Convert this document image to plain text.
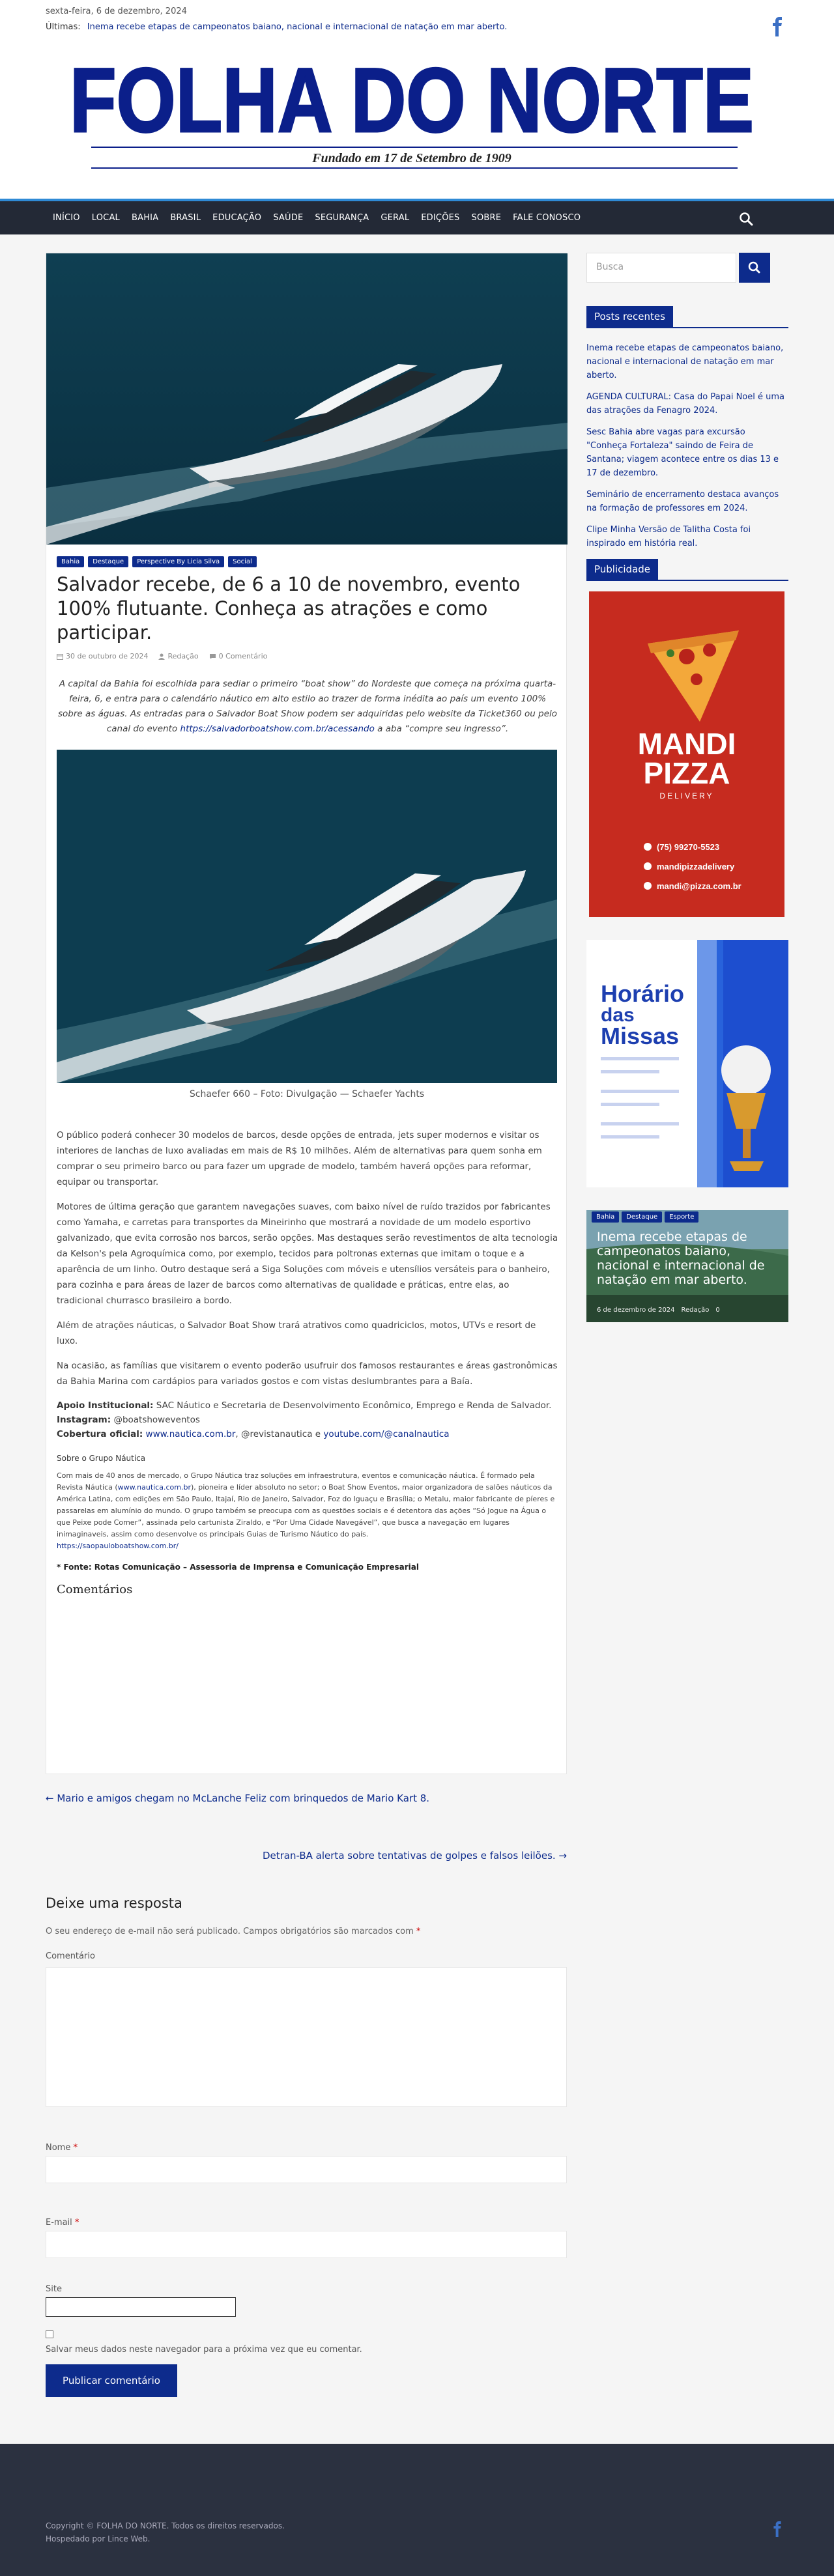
sexta-feira, 6 de dezembro, 2024
Últimas: Inema recebe etapas de campeonatos baiano, nacional e internacional de natação em mar aberto.
FOLHA DO NORTE
Fundado em 17 de Setembro de 1909
INÍCIO	LOCAL	BAHIA	BRASIL	EDUCAÇÃO	SAÚDE	SEGURANÇA	GERAL	EDIÇÕES	SOBRE	FALE CONOSCO
Bahia	Destaque	Perspective By Licia Silva	Social
Salvador recebe, de 6 a 10 de novembro, evento 100% flutuante. Conheça as atrações e como participar.
30 de outubro de 2024	Redação	0 Comentário

A capital da Bahia foi escolhida para sediar o primeiro “boat show” do Nordeste que começa na próxima quarta-feira, 6, e entra para o calendário náutico em alto estilo ao trazer de forma inédita ao país um evento 100% sobre as águas. As entradas para o Salvador Boat Show podem ser adquiridas pelo website da Ticket360 ou pelo canal do evento https://salvadorboatshow.com.br/acessando a aba “compre seu ingresso”.

Schaefer 660 – Foto: Divulgação — Schaefer Yachts

O público poderá conhecer 30 modelos de barcos, desde opções de entrada, jets super modernos e visitar os interiores de lanchas de luxo avaliadas em mais de R$ 10 milhões. Além de alternativas para quem sonha em comprar o seu primeiro barco ou para fazer um upgrade de modelo, também haverá opções para reformar, equipar ou transportar.

Motores de última geração que garantem navegações suaves, com baixo nível de ruído trazidos por fabricantes como Yamaha, e carretas para transportes da Mineirinho que mostrará a novidade de um modelo esportivo galvanizado, que evita corrosão nos barcos, serão opções. Mas destaques serão revestimentos de alta tecnologia da Kelson's pela Agroquímica como, por exemplo, tecidos para poltronas externas que imitam o toque e a aparência de um linho. Outro destaque será a Siga Soluções com móveis e utensílios versáteis para o banheiro, para cozinha e para áreas de lazer de barcos como alternativas de qualidade e práticas, entre elas, ao tradicional churrasco brasileiro a bordo.

Além de atrações náuticas, o Salvador Boat Show trará atrativos como quadriciclos, motos, UTVs e resort de luxo.

Na ocasião, as famílias que visitarem o evento poderão usufruir dos famosos restaurantes e áreas gastronômicas da Bahia Marina com cardápios para variados gostos e com vistas deslumbrantes para a Baía.

Apoio Institucional: SAC Náutico e Secretaria de Desenvolvimento Econômico, Emprego e Renda de Salvador.
Instagram: @boatshoweventos
Cobertura oficial: www.nautica.com.br, @revistanautica e youtube.com/@canalnautica
Sobre o Grupo Náutica

Com mais de 40 anos de mercado, o Grupo Náutica traz soluções em infraestrutura, eventos e comunicação náutica. É formado pela Revista Náutica (www.nautica.com.br), pioneira e líder absoluto no setor; o Boat Show Eventos, maior organizadora de salões náuticos da América Latina, com edições em São Paulo, Itajaí, Rio de Janeiro, Salvador, Foz do Iguaçu e Brasília; o Metalu, maior fabricante de píeres e passarelas em alumínio do mundo. O grupo também se preocupa com as questões sociais e é detentora das ações “Só Jogue na Água o que Peixe pode Comer”, assinada pelo cartunista Ziraldo, e “Por Uma Cidade Navegável”, que busca a navegação em lugares inimaginaveis, assim como desenvolve os principais Guias de Turismo Náutico do país.
https://saopauloboatshow.com.br/

* Fonte: Rotas Comunicação – Assessoria de Imprensa e Comunicação Empresarial

Comentários
← Mario e amigos chegam no McLanche Feliz com brinquedos de Mario Kart 8.
Detran-BA alerta sobre tentativas de golpes e falsos leilões. →
Deixe uma resposta

O seu endereço de e-mail não será publicado. Campos obrigatórios são marcados com *

Comentário
Nome *
E-mail *
Site
Salvar meus dados neste navegador para a próxima vez que eu comentar.
Publicar comentário
Busca
Posts recentes
Inema recebe etapas de campeonatos baiano, nacional e internacional de natação em mar aberto.
AGENDA CULTURAL: Casa do Papai Noel é uma das atrações da Fenagro 2024.
Sesc Bahia abre vagas para excursão "Conheça Fortaleza" saindo de Feira de Santana; viagem acontece entre os dias 13 e 17 de dezembro.
Seminário de encerramento destaca avanços na formação de professores em 2024.
Clipe Minha Versão de Talitha Costa foi inspirado em história real.
Publicidade
MANDI
PIZZA
DELIVERY
(75) 99270-5523
mandipizzadelivery
mandi@pizza.com.br
Horário
das
Missas
Bahia	Destaque	Esporte
Inema recebe etapas de campeonatos baiano, nacional e internacional de natação em mar aberto.
6 de dezembro de 2024 Redação 0
Copyright © FOLHA DO NORTE. Todos os direitos reservados.
Hospedado por Lince Web.
